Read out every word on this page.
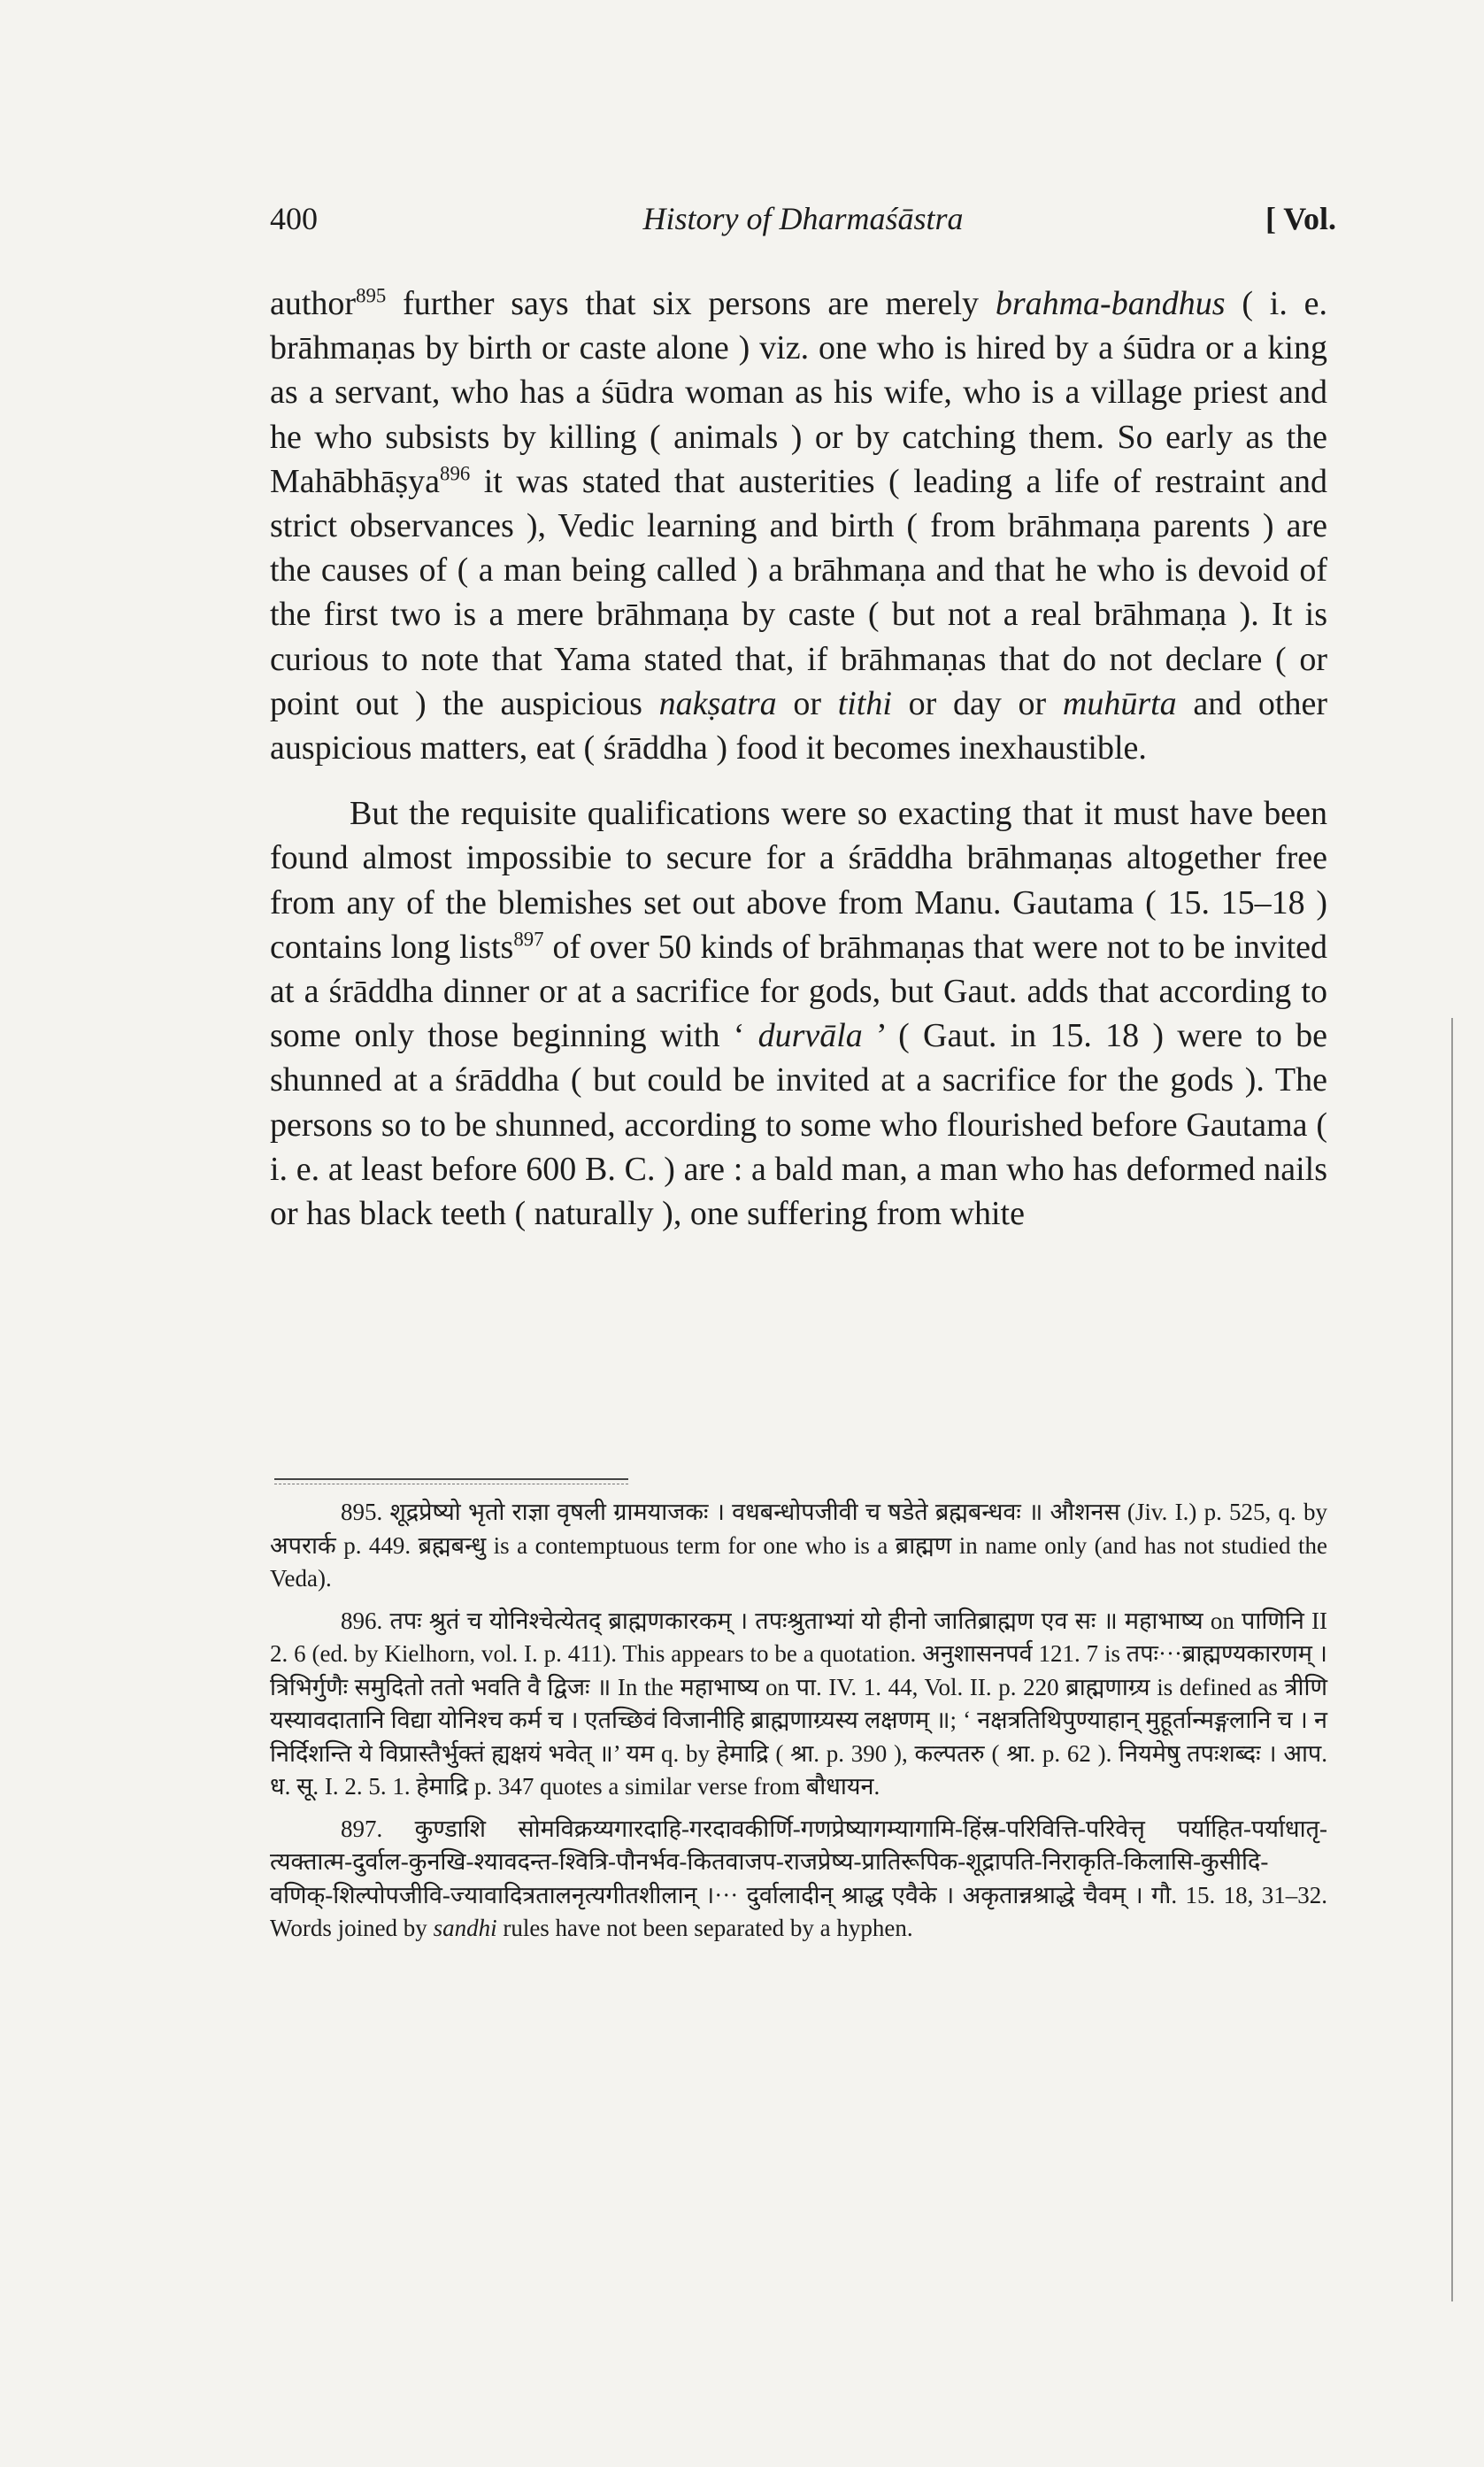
400	History of Dharmaśāstra	[ Vol.

author$^{895}$ further says that six persons are merely brahma-bandhus ( i. e. brāhmaṇas by birth or caste alone ) viz. one who is hired by a śūdra or a king as a servant, who has a śūdra woman as his wife, who is a village priest and he who subsists by killing ( animals ) or by catching them. So early as the Mahābhāṣya$^{896}$ it was stated that austerities ( leading a life of restraint and strict observances ), Vedic learning and birth ( from brāhmaṇa parents ) are the causes of ( a man being called ) a brāhmaṇa and that he who is devoid of the first two is a mere brāhmaṇa by caste ( but not a real brāhmaṇa ). It is curious to note that Yama stated that, if brāhmaṇas that do not declare ( or point out ) the auspicious nakṣatra or tithi or day or muhūrta and other auspicious matters, eat ( śrāddha ) food it becomes inexhaustible.

But the requisite qualifications were so exacting that it must have been found almost impossibie to secure for a śrāddha brāhmaṇas altogether free from any of the blemishes set out above from Manu. Gautama ( 15. 15–18 ) contains long lists$^{897}$ of over 50 kinds of brāhmaṇas that were not to be invited at a śrāddha dinner or at a sacrifice for gods, but Gaut. adds that according to some only those beginning with ‘ durvāla ’ ( Gaut. in 15. 18 ) were to be shunned at a śrāddha ( but could be invited at a sacrifice for the gods ). The persons so to be shunned, according to some who flourished before Gautama ( i. e. at least before 600 B. C. ) are : a bald man, a man who has deformed nails or has black teeth ( naturally ), one suffering from white

895. शूद्रप्रेष्यो भृतो राज्ञा वृषली ग्रामयाजकः । वधबन्धोपजीवी च षडेते ब्रह्मबन्धवः ॥ औशनस (Jiv. I.) p. 525, q. by अपरार्क p. 449. ब्रह्मबन्धु is a contemptuous term for one who is a ब्राह्मण in name only (and has not studied the Veda).

896. तपः श्रुतं च योनिश्चेत्येतद् ब्राह्मणकारकम् । तपःश्रुताभ्यां यो हीनो जातिब्राह्मण एव सः ॥ महाभाष्य on पाणिनि II 2. 6 (ed. by Kielhorn, vol. I. p. 411). This appears to be a quotation. अनुशासनपर्व 121. 7 is तपः···ब्राह्मण्यकारणम् । त्रिभिर्गुणैः समुदितो ततो भवति वै द्विजः ॥ In the महाभाष्य on पा. IV. 1. 44, Vol. II. p. 220 ब्राह्मणाग्र्य is defined as त्रीणि यस्यावदातानि विद्या योनिश्च कर्म च । एतच्छिवं विजानीहि ब्राह्मणाग्र्यस्य लक्षणम् ॥; ‘ नक्षत्रतिथिपुण्याहान् मुहूर्तान्मङ्गलानि च । न निर्दिशन्ति ये विप्रास्तैर्भुक्तं ह्यक्षयं भवेत् ॥’ यम q. by हेमाद्रि ( श्रा. p. 390 ), कल्पतरु ( श्रा. p. 62 ). नियमेषु तपःशब्दः । आप. ध. सू. I. 2. 5. 1. हेमाद्रि p. 347 quotes a similar verse from बौधायन.

897. कुण्डाशि सोमविक्रय्यगारदाहि-गरदावकीर्णि-गणप्रेष्यागम्यागामि-हिंस्र-परिवित्ति-परिवेत्तृ पर्याहित-पर्याधातृ-त्यक्तात्म-दुर्वाल-कुनखि-श्यावदन्त-श्वित्रि-पौनर्भव-कितवाजप-राजप्रेष्य-प्रातिरूपिक-शूद्रापति-निराकृति-किलासि-कुसीदि-वणिक्-शिल्पोपजीवि-ज्यावादित्रतालनृत्यगीतशीलान् ।··· दुर्वालादीन् श्राद्ध एवैके । अकृतान्नश्राद्धे चैवम् । गौ. 15. 18, 31–32. Words joined by sandhi rules have not been separated by a hyphen.
